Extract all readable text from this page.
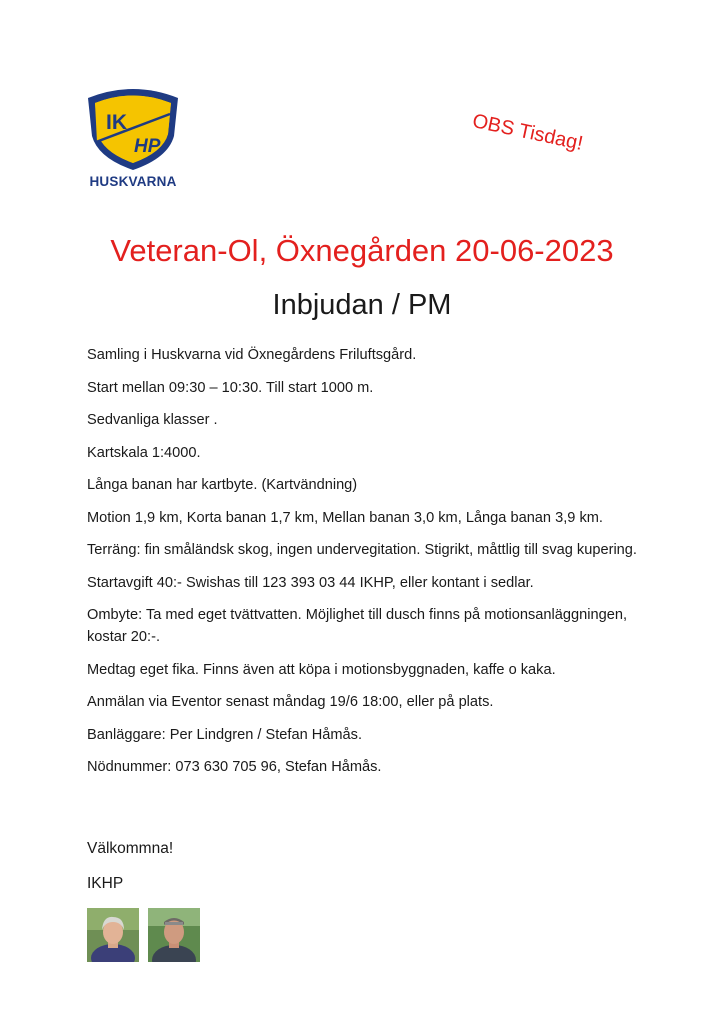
IK
HP
HUSKVARNA
OBS Tisdag!
Veteran-Ol, Öxnegården 20-06-2023
Inbjudan / PM

Samling i Huskvarna vid Öxnegårdens Friluftsgård.

Start mellan 09:30 – 10:30. Till start 1000 m.

Sedvanliga klasser .

Kartskala 1:4000.

Långa banan har kartbyte. (Kartvändning)

Motion 1,9 km, Korta banan 1,7 km, Mellan banan 3,0 km, Långa banan 3,9 km.

Terräng: fin småländsk skog, ingen undervegitation. Stigrikt, måttlig till svag kupering.

Startavgift 40:- Swishas till 123 393 03 44 IKHP, eller kontant i sedlar.

Ombyte: Ta med eget tvättvatten. Möjlighet till dusch finns på motionsanläggningen, kostar 20:-.

Medtag eget fika. Finns även att köpa i motionsbyggnaden, kaffe o kaka.

Anmälan via Eventor senast måndag 19/6 18:00, eller på plats.

Banläggare: Per Lindgren / Stefan Håmås.

Nödnummer: 073 630 705 96, Stefan Håmås.

Välkommna!
IKHP
